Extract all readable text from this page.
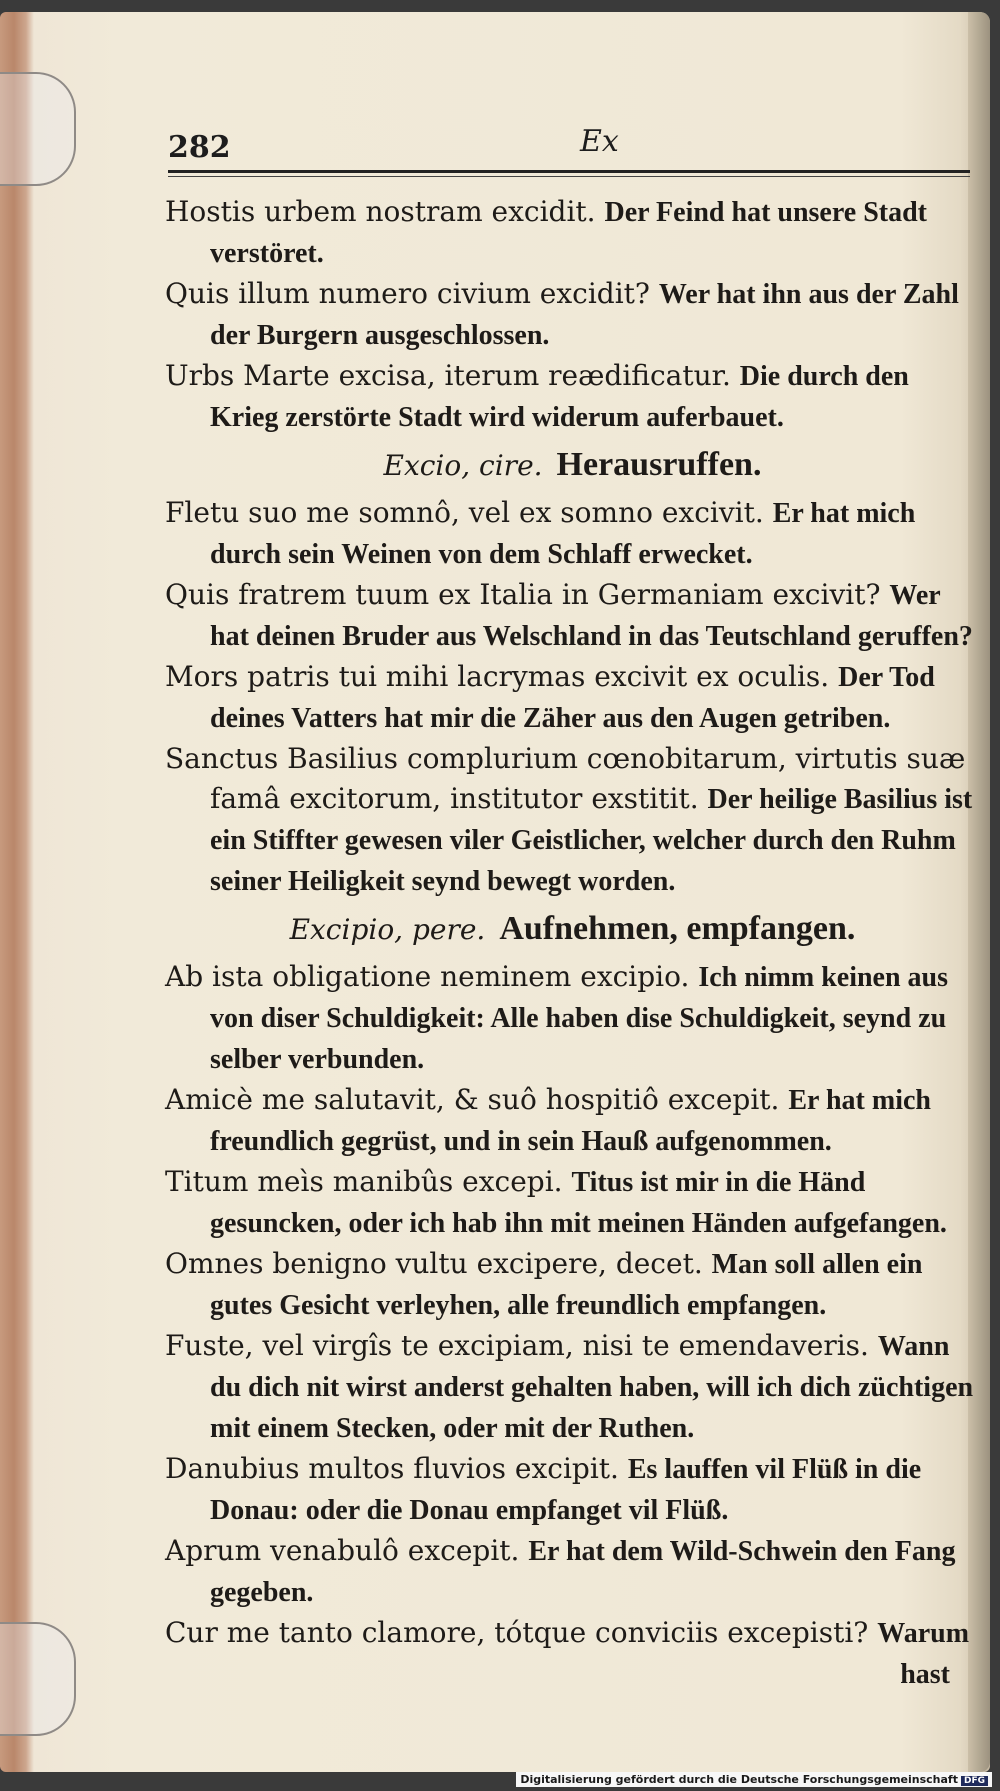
282	Ex

Hostis urbem nostram excidit. Der Feind hat unsere Stadt verstöret.

Quis illum numero civium excidit? Wer hat ihn aus der Zahl der Burgern ausgeschlossen.

Urbs Marte excisa, iterum reædificatur. Die durch den Krieg zerstörte Stadt wird widerum auferbauet.

Excio, cire. Herausruffen.

Fletu suo me somnô, vel ex somno excivit. Er hat mich durch sein Weinen von dem Schlaff erwecket.

Quis fratrem tuum ex Italia in Germaniam excivit? Wer hat deinen Bruder aus Welschland in das Teutschland geruffen?

Mors patris tui mihi lacrymas excivit ex oculis. Der Tod deines Vatters hat mir die Zäher aus den Augen getriben.

Sanctus Basilius complurium cœnobitarum, virtutis suæ famâ excitorum, institutor exstitit. Der heilige Basilius ist ein Stiffter gewesen viler Geistlicher, welcher durch den Ruhm seiner Heiligkeit seynd bewegt worden.

Excipio, pere. Aufnehmen, empfangen.

Ab ista obligatione neminem excipio. Ich nimm keinen aus von diser Schuldigkeit: Alle haben dise Schuldigkeit, seynd zu selber verbunden.

Amicè me salutavit, & suô hospitiô excepit. Er hat mich freundlich gegrüst, und in sein Hauß aufgenommen.

Titum meìs manibûs excepi. Titus ist mir in die Händ gesuncken, oder ich hab ihn mit meinen Händen aufgefangen.

Omnes benigno vultu excipere, decet. Man soll allen ein gutes Gesicht verleyhen, alle freundlich empfangen.

Fuste, vel virgîs te excipiam, nisi te emendaveris. Wann du dich nit wirst anderst gehalten haben, will ich dich züchtigen mit einem Stecken, oder mit der Ruthen.

Danubius multos fluvios excipit. Es lauffen vil Flüß in die Donau: oder die Donau empfanget vil Flüß.

Aprum venabulô excepit. Er hat dem Wild-Schwein den Fang gegeben.

Cur me tanto clamore, tótque conviciis excepisti? Warum

hast
Digitalisierung gefördert durch die Deutsche Forschungsgemeinschaft DFG
